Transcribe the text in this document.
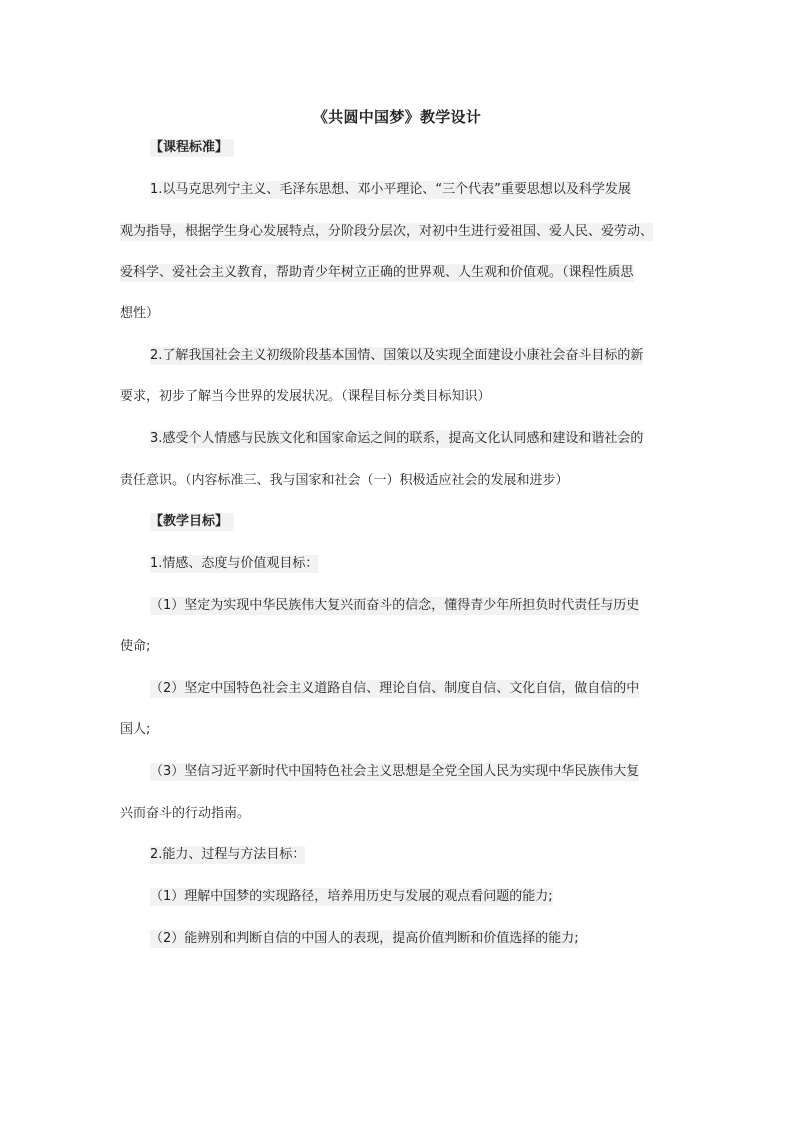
《共圆中国梦》教学设计
【课程标准】
1.以马克思列宁主义、毛泽东思想、邓小平理论、“三个代表”重要思想以及科学发展
观为指导，根据学生身心发展特点，分阶段分层次，对初中生进行爱祖国、爱人民、爱劳动、
爱科学、爱社会主义教育，帮助青少年树立正确的世界观、人生观和价值观。（课程性质思
想性）
2.了解我国社会主义初级阶段基本国情、国策以及实现全面建设小康社会奋斗目标的新
要求，初步了解当今世界的发展状况。（课程目标分类目标知识）
3.感受个人情感与民族文化和国家命运之间的联系，提高文化认同感和建设和谐社会的
责任意识。（内容标准三、我与国家和社会（一）积极适应社会的发展和进步）
【教学目标】
1.情感、态度与价值观目标：
（1）坚定为实现中华民族伟大复兴而奋斗的信念，懂得青少年所担负时代责任与历史
使命;
（2）坚定中国特色社会主义道路自信、理论自信、制度自信、文化自信，做自信的中
国人;
（3）坚信习近平新时代中国特色社会主义思想是全党全国人民为实现中华民族伟大复
兴而奋斗的行动指南。
2.能力、过程与方法目标：
（1）理解中国梦的实现路径，培养用历史与发展的观点看问题的能力;
（2）能辨别和判断自信的中国人的表现，提高价值判断和价值选择的能力;
